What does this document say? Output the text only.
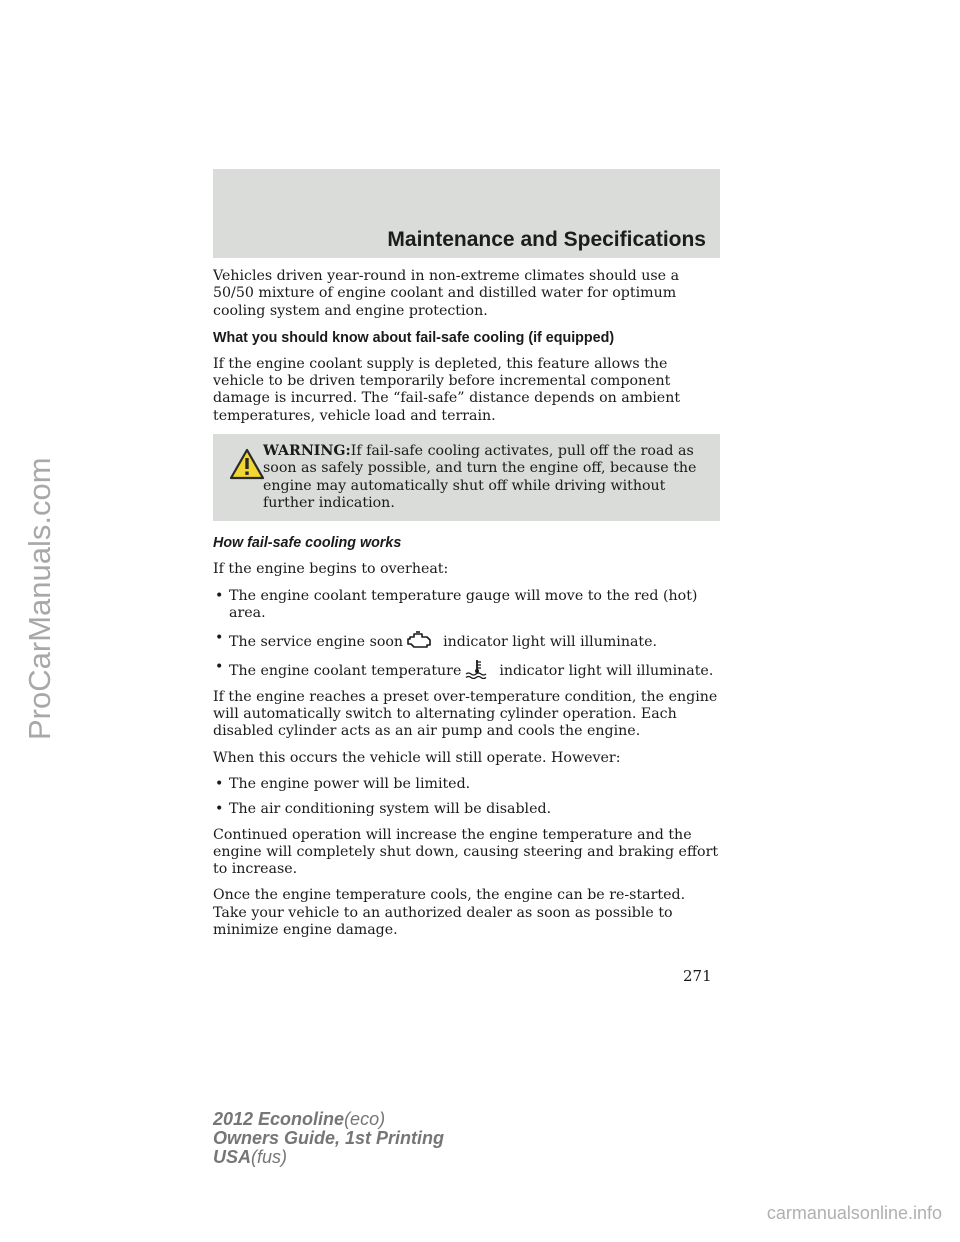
Maintenance and Specifications
ProCarManuals.com

Vehicles driven year-round in non-extreme climates should use a 50/50 mixture of engine coolant and distilled water for optimum cooling system and engine protection.

What you should know about fail-safe cooling (if equipped)

If the engine coolant supply is depleted, this feature allows the vehicle to be driven temporarily before incremental component damage is incurred. The “fail-safe” distance depends on ambient temperatures, vehicle load and terrain.

WARNING:If fail-safe cooling activates, pull off the road as soon as safely possible, and turn the engine off, because the engine may automatically shut off while driving without further indication.
How fail-safe cooling works

If the engine begins to overheat:

• The engine coolant temperature gauge will move to the red (hot) area.
• The service engine soon	indicator light will illuminate.
• The engine coolant temperature	indicator light will illuminate.

If the engine reaches a preset over-temperature condition, the engine will automatically switch to alternating cylinder operation. Each disabled cylinder acts as an air pump and cools the engine.

When this occurs the vehicle will still operate. However:

• The engine power will be limited.
• The air conditioning system will be disabled.

Continued operation will increase the engine temperature and the engine will completely shut down, causing steering and braking effort to increase.

Once the engine temperature cools, the engine can be re-started. Take your vehicle to an authorized dealer as soon as possible to minimize engine damage.

271
2012 Econoline(eco)
Owners Guide, 1st Printing
USA(fus)
carmanualsonline.info
